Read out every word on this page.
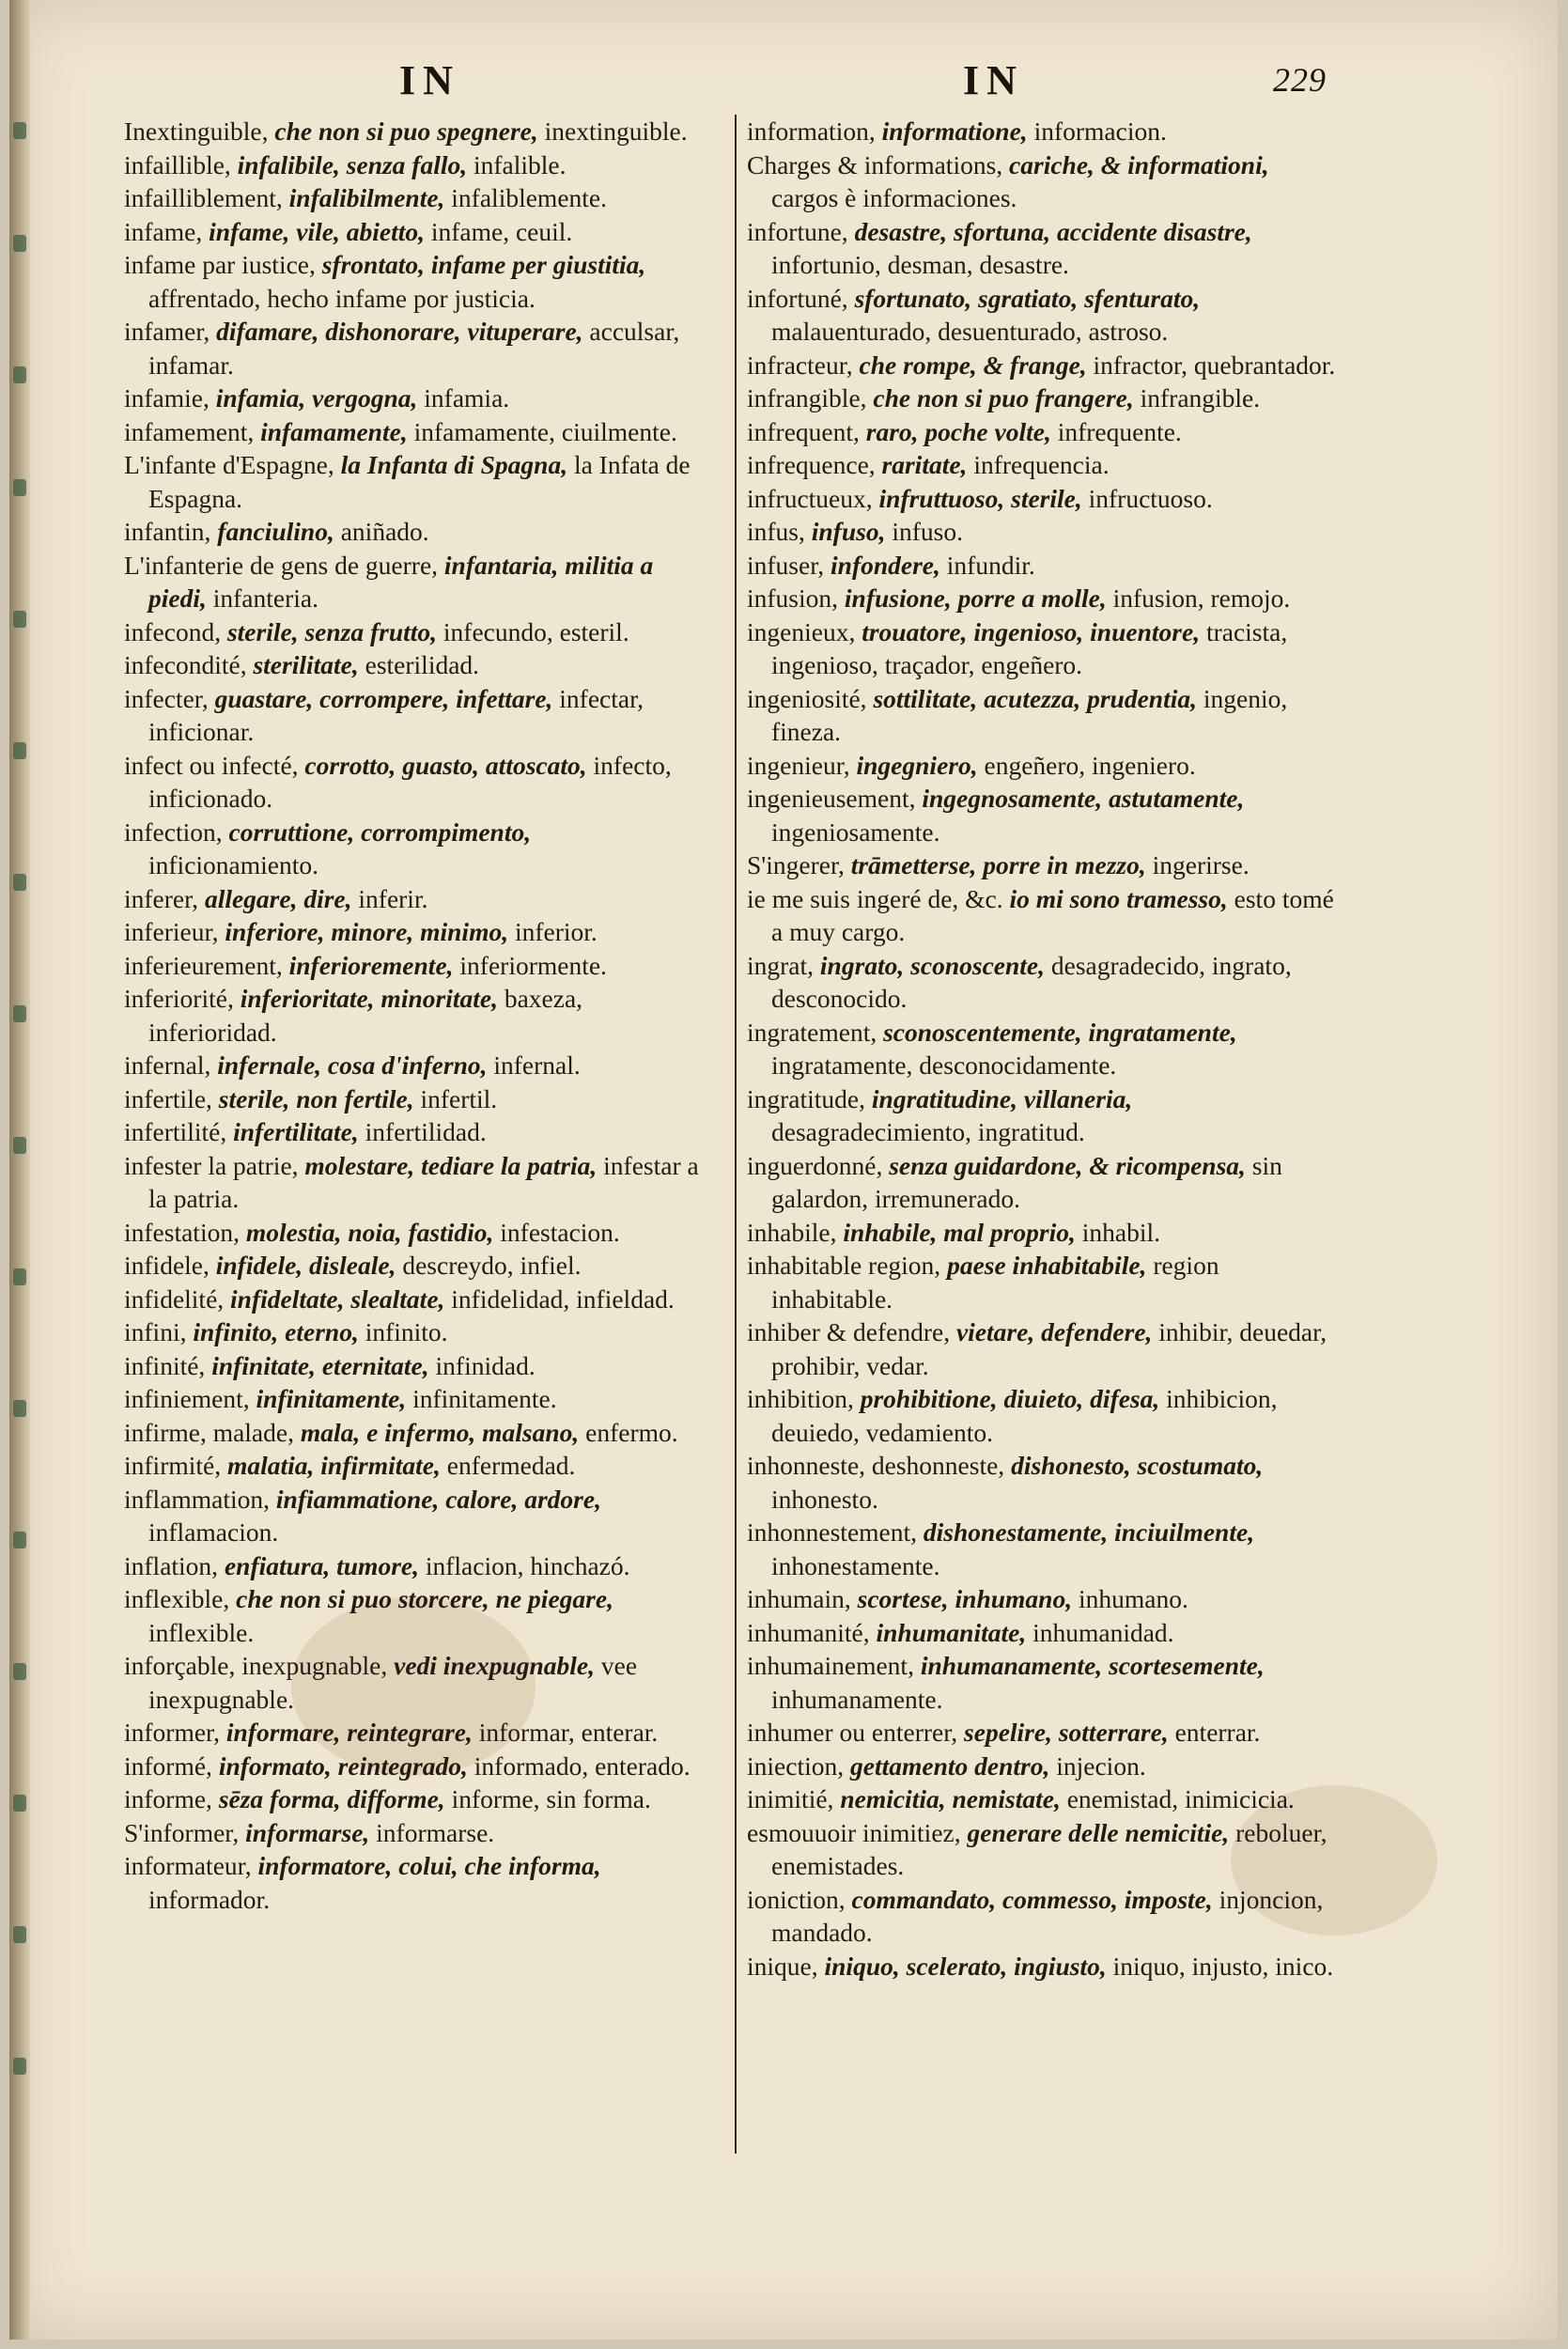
IN	IN	229
Inextinguible, che non si puo spegnere, inextinguible.
infaillible, infalibile, senza fallo, infalible.
infailliblement, infalibilmente, infaliblemente.
infame, infame, vile, abietto, infame, ceuil.
infame par iustice, sfrontato, infame per giustitia, affrentado, hecho infame por justicia.
infamer, difamare, dishonorare, vituperare, acculsar, infamar.
infamie, infamia, vergogna, infamia.
infamement, infamamente, infamamente, ciuilmente.
L'infante d'Espagne, la Infanta di Spagna, la Infata de Espagna.
infantin, fanciulino, aniñado.
L'infanterie de gens de guerre, infantaria, militia a piedi, infanteria.
infecond, sterile, senza frutto, infecundo, esteril.
infecondité, sterilitate, esterilidad.
infecter, guastare, corrompere, infettare, infectar, inficionar.
infect ou infecté, corrotto, guasto, attoscato, infecto, inficionado.
infection, corruttione, corrompimento, inficionamiento.
inferer, allegare, dire, inferir.
inferieur, inferiore, minore, minimo, inferior.
inferieurement, inferioremente, inferiormente.
inferiorité, inferioritate, minoritate, baxeza, inferioridad.
infernal, infernale, cosa d'inferno, infernal.
infertile, sterile, non fertile, infertil.
infertilité, infertilitate, infertilidad.
infester la patrie, molestare, tediare la patria, infestar a la patria.
infestation, molestia, noia, fastidio, infestacion.
infidele, infidele, disleale, descreydo, infiel.
infidelité, infideltate, slealtate, infidelidad, infieldad.
infini, infinito, eterno, infinito.
infinité, infinitate, eternitate, infinidad.
infiniement, infinitamente, infinitamente.
infirme, malade, mala, e infermo, malsano, enfermo.
infirmité, malatia, infirmitate, enfermedad.
inflammation, infiammatione, calore, ardore, inflamacion.
inflation, enfiatura, tumore, inflacion, hinchazó.
inflexible, che non si puo storcere, ne piegare, inflexible.
inforçable, inexpugnable, vedi inexpugnable, vee inexpugnable.
informer, informare, reintegrare, informar, enterar.
informé, informato, reintegrado, informado, enterado.
informe, sēza forma, difforme, informe, sin forma.
S'informer, informarse, informarse.
informateur, informatore, colui, che informa, informador.
information, informatione, informacion.
Charges & informations, cariche, & informationi, cargos è informaciones.
infortune, desastre, sfortuna, accidente disastre, infortunio, desman, desastre.
infortuné, sfortunato, sgratiato, sfenturato, malauenturado, desuenturado, astroso.
infracteur, che rompe, & frange, infractor, quebrantador.
infrangible, che non si puo frangere, infrangible.
infrequent, raro, poche volte, infrequente.
infrequence, raritate, infrequencia.
infructueux, infruttuoso, sterile, infructuoso.
infus, infuso, infuso.
infuser, infondere, infundir.
infusion, infusione, porre a molle, infusion, remojo.
ingenieux, trouatore, ingenioso, inuentore, tracista, ingenioso, traçador, engeñero.
ingeniosité, sottilitate, acutezza, prudentia, ingenio, fineza.
ingenieur, ingegniero, engeñero, ingeniero.
ingenieusement, ingegnosamente, astutamente, ingeniosamente.
S'ingerer, trāmetterse, porre in mezzo, ingerirse.
ie me suis ingeré de, &c. io mi sono tramesso, esto tomé a muy cargo.
ingrat, ingrato, sconoscente, desagradecido, ingrato, desconocido.
ingratement, sconoscentemente, ingratamente, ingratamente, desconocidamente.
ingratitude, ingratitudine, villaneria, desagradecimiento, ingratitud.
inguerdonné, senza guidardone, & ricompensa, sin galardon, irremunerado.
inhabile, inhabile, mal proprio, inhabil.
inhabitable region, paese inhabitabile, region inhabitable.
inhiber & defendre, vietare, defendere, inhibir, deuedar, prohibir, vedar.
inhibition, prohibitione, diuieto, difesa, inhibicion, deuiedo, vedamiento.
inhonneste, deshonneste, dishonesto, scostumato, inhonesto.
inhonnestement, dishonestamente, inciuilmente, inhonestamente.
inhumain, scortese, inhumano, inhumano.
inhumanité, inhumanitate, inhumanidad.
inhumainement, inhumanamente, scortesemente, inhumanamente.
inhumer ou enterrer, sepelire, sotterrare, enterrar.
iniection, gettamento dentro, injecion.
inimitié, nemicitia, nemistate, enemistad, inimicicia.
esmouuoir inimitiez, generare delle nemicitie, reboluer, enemistades.
ioniction, commandato, commesso, imposte, injoncion, mandado.
inique, iniquo, scelerato, ingiusto, iniquo, injusto, inico.
